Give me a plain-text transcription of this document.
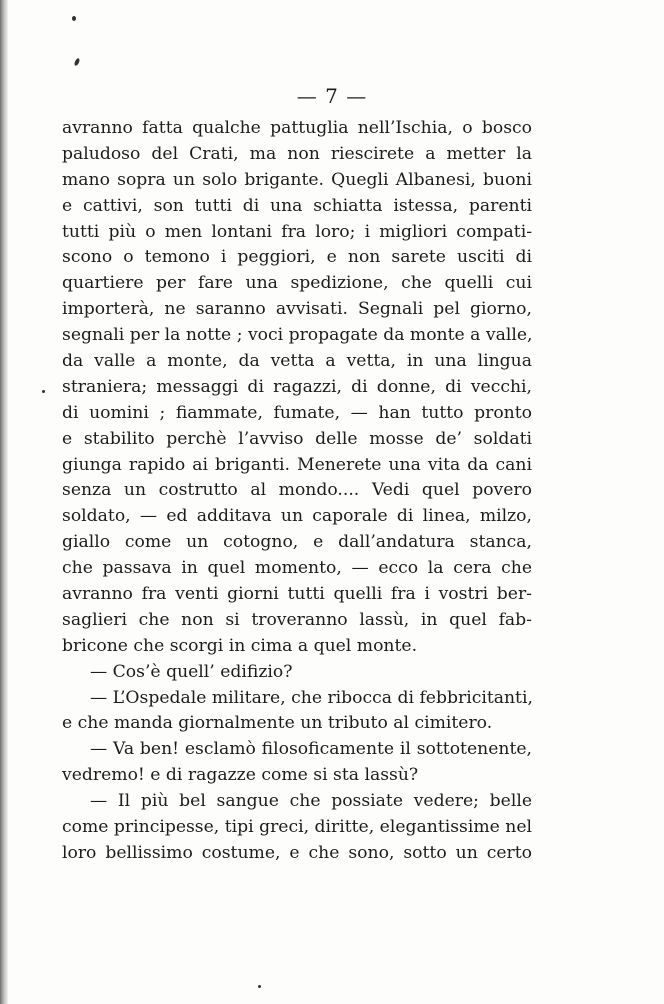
— 7 —
avranno fatta qualche pattuglia nell’Ischia, o bosco
paludoso del Crati, ma non riescirete a metter la
mano sopra un solo brigante. Quegli Albanesi, buoni
e cattivi, son tutti di una schiatta istessa, parenti
tutti più o men lontani fra loro; i migliori compati-
scono o temono i peggiori, e non sarete usciti di
quartiere per fare una spedizione, che quelli cui
importerà, ne saranno avvisati. Segnali pel giorno,
segnali per la notte ; voci propagate da monte a valle,
da valle a monte, da vetta a vetta, in una lingua
straniera; messaggi di ragazzi, di donne, di vecchi,
di uomini ; fiammate, fumate, — han tutto pronto
e stabilito perchè l’avviso delle mosse de’ soldati
giunga rapido ai briganti. Menerete una vita da cani
senza un costrutto al mondo.... Vedi quel povero
soldato, — ed additava un caporale di linea, milzo,
giallo come un cotogno, e dall’andatura stanca,
che passava in quel momento, — ecco la cera che
avranno fra venti giorni tutti quelli fra i vostri ber-
saglieri che non si troveranno lassù, in quel fab-
bricone che scorgi in cima a quel monte.
— Cos’è quell’ edifizio?
— L’Ospedale militare, che ribocca di febbricitanti,
e che manda giornalmente un tributo al cimitero.
— Va ben! esclamò filosoficamente il sottotenente,
vedremo! e di ragazze come si sta lassù?
— Il più bel sangue che possiate vedere; belle
come principesse, tipi greci, diritte, elegantissime nel
loro bellissimo costume, e che sono, sotto un certo
